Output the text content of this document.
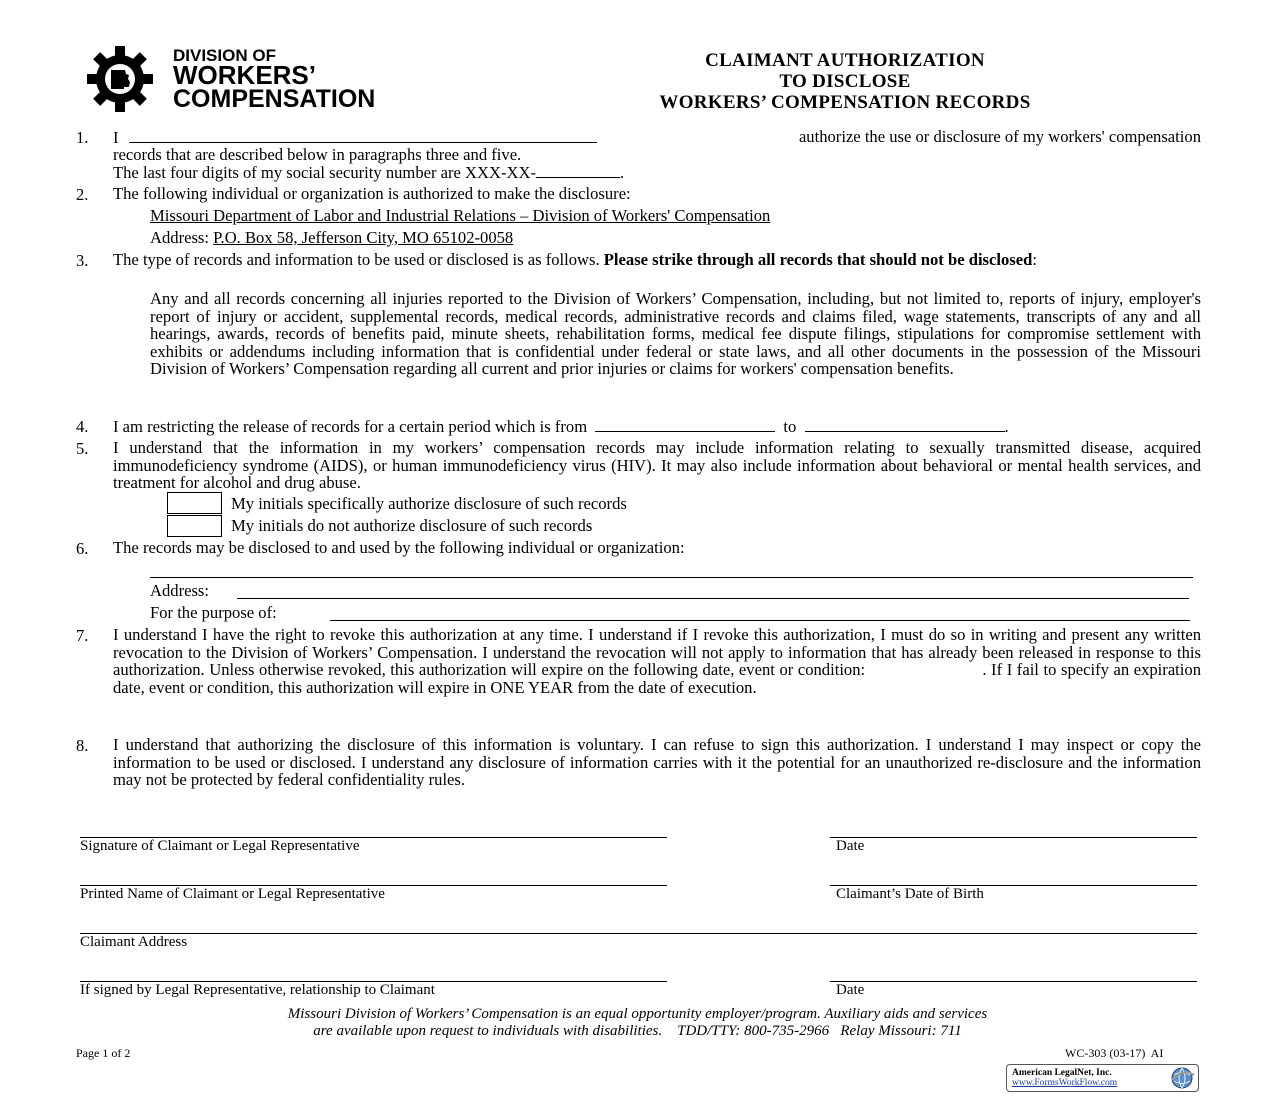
DIVISION OF
WORKERS’
COMPENSATION
CLAIMANT AUTHORIZATION
TO DISCLOSE
WORKERS’ COMPENSATION RECORDS
1. I	authorize the use or disclosure of my workers' compensation
records that are described below in paragraphs three and five.
The last four digits of my social security number are XXX-XX-	.
2. The following individual or organization is authorized to make the disclosure:
Missouri Department of Labor and Industrial Relations – Division of Workers' Compensation
Address: P.O. Box 58, Jefferson City, MO 65102-0058
3. The type of records and information to be used or disclosed is as follows. Please strike through all records that should not be disclosed:
Any and all records concerning all injuries reported to the Division of Workers’ Compensation, including, but not limited to, reports of injury, employer's report of injury or accident, supplemental records, medical records, administrative records and claims filed, wage statements, transcripts of any and all hearings, awards, records of benefits paid, minute sheets, rehabilitation forms, medical fee dispute filings, stipulations for compromise settlement with exhibits or addendums including information that is confidential under federal or state laws, and all other documents in the possession of the Missouri Division of Workers’ Compensation regarding all current and prior injuries or claims for workers' compensation benefits.
4. I am restricting the release of records for a certain period which is from	to	.
5. I understand that the information in my workers’ compensation records may include information relating to sexually transmitted disease, acquired immunodeficiency syndrome (AIDS), or human immunodeficiency virus (HIV). It may also include information about behavioral or mental health services, and treatment for alcohol and drug abuse.
My initials specifically authorize disclosure of such records
My initials do not authorize disclosure of such records
6. The records may be disclosed to and used by the following individual or organization:
Address:
For the purpose of:
7. I understand I have the right to revoke this authorization at any time. I understand if I revoke this authorization, I must do so in writing and present any written revocation to the Division of Workers’ Compensation. I understand the revocation will not apply to information that has already been released in response to this authorization. Unless otherwise revoked, this authorization will expire on the following date, event or condition:	. If I fail to specify an expiration date, event or condition, this authorization will expire in ONE YEAR from the date of execution.
8. I understand that authorizing the disclosure of this information is voluntary. I can refuse to sign this authorization. I understand I may inspect or copy the information to be used or disclosed. I understand any disclosure of information carries with it the potential for an unauthorized re-disclosure and the information may not be protected by federal confidentiality rules.
Signature of Claimant or Legal Representative	Date
Printed Name of Claimant or Legal Representative	Claimant’s Date of Birth
Claimant Address
If signed by Legal Representative, relationship to Claimant	Date
Missouri Division of Workers’ Compensation is an equal opportunity employer/program. Auxiliary aids and services
are available upon request to individuals with disabilities.    TDD/TTY: 800-735-2966   Relay Missouri: 711
Page 1 of 2	WC-303 (03-17)  AI
American LegalNet, Inc.
www.FormsWorkFlow.com
